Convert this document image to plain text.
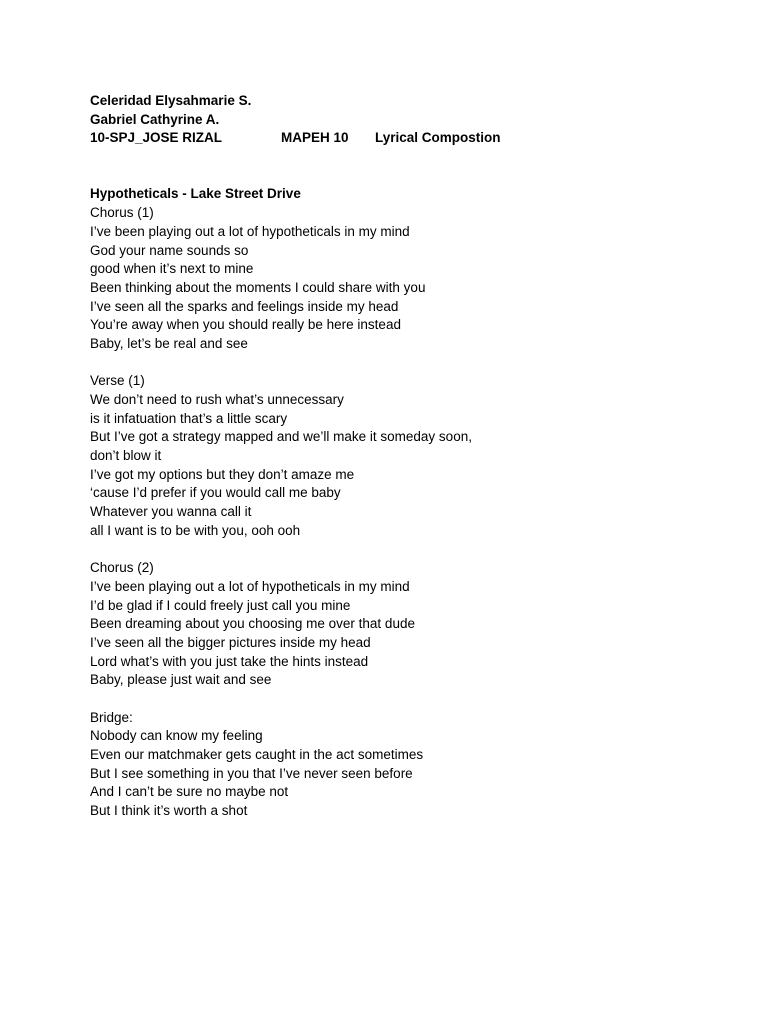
Celeridad Elysahmarie S.
Gabriel Cathyrine A.
10-SPJ_JOSE RIZAL	MAPEH 10 Lyrical Compostion
Hypotheticals - Lake Street Drive
Chorus (1)
I’ve been playing out a lot of hypotheticals in my mind
God your name sounds so
good when it’s next to mine
Been thinking about the moments I could share with you
I’ve seen all the sparks and feelings inside my head
You’re away when you should really be here instead
Baby, let’s be real and see
Verse (1)
We don’t need to rush what’s unnecessary
is it infatuation that’s a little scary
But I’ve got a strategy mapped and we’ll make it someday soon,
don’t blow it
I’ve got my options but they don’t amaze me
‘cause I’d prefer if you would call me baby
Whatever you wanna call it
all I want is to be with you, ooh ooh
Chorus (2)
I’ve been playing out a lot of hypotheticals in my mind
I’d be glad if I could freely just call you mine
Been dreaming about you choosing me over that dude
I’ve seen all the bigger pictures inside my head
Lord what’s with you just take the hints instead
Baby, please just wait and see
Bridge:
Nobody can know my feeling
Even our matchmaker gets caught in the act sometimes
But I see something in you that I’ve never seen before
And I can’t be sure no maybe not
But I think it’s worth a shot
